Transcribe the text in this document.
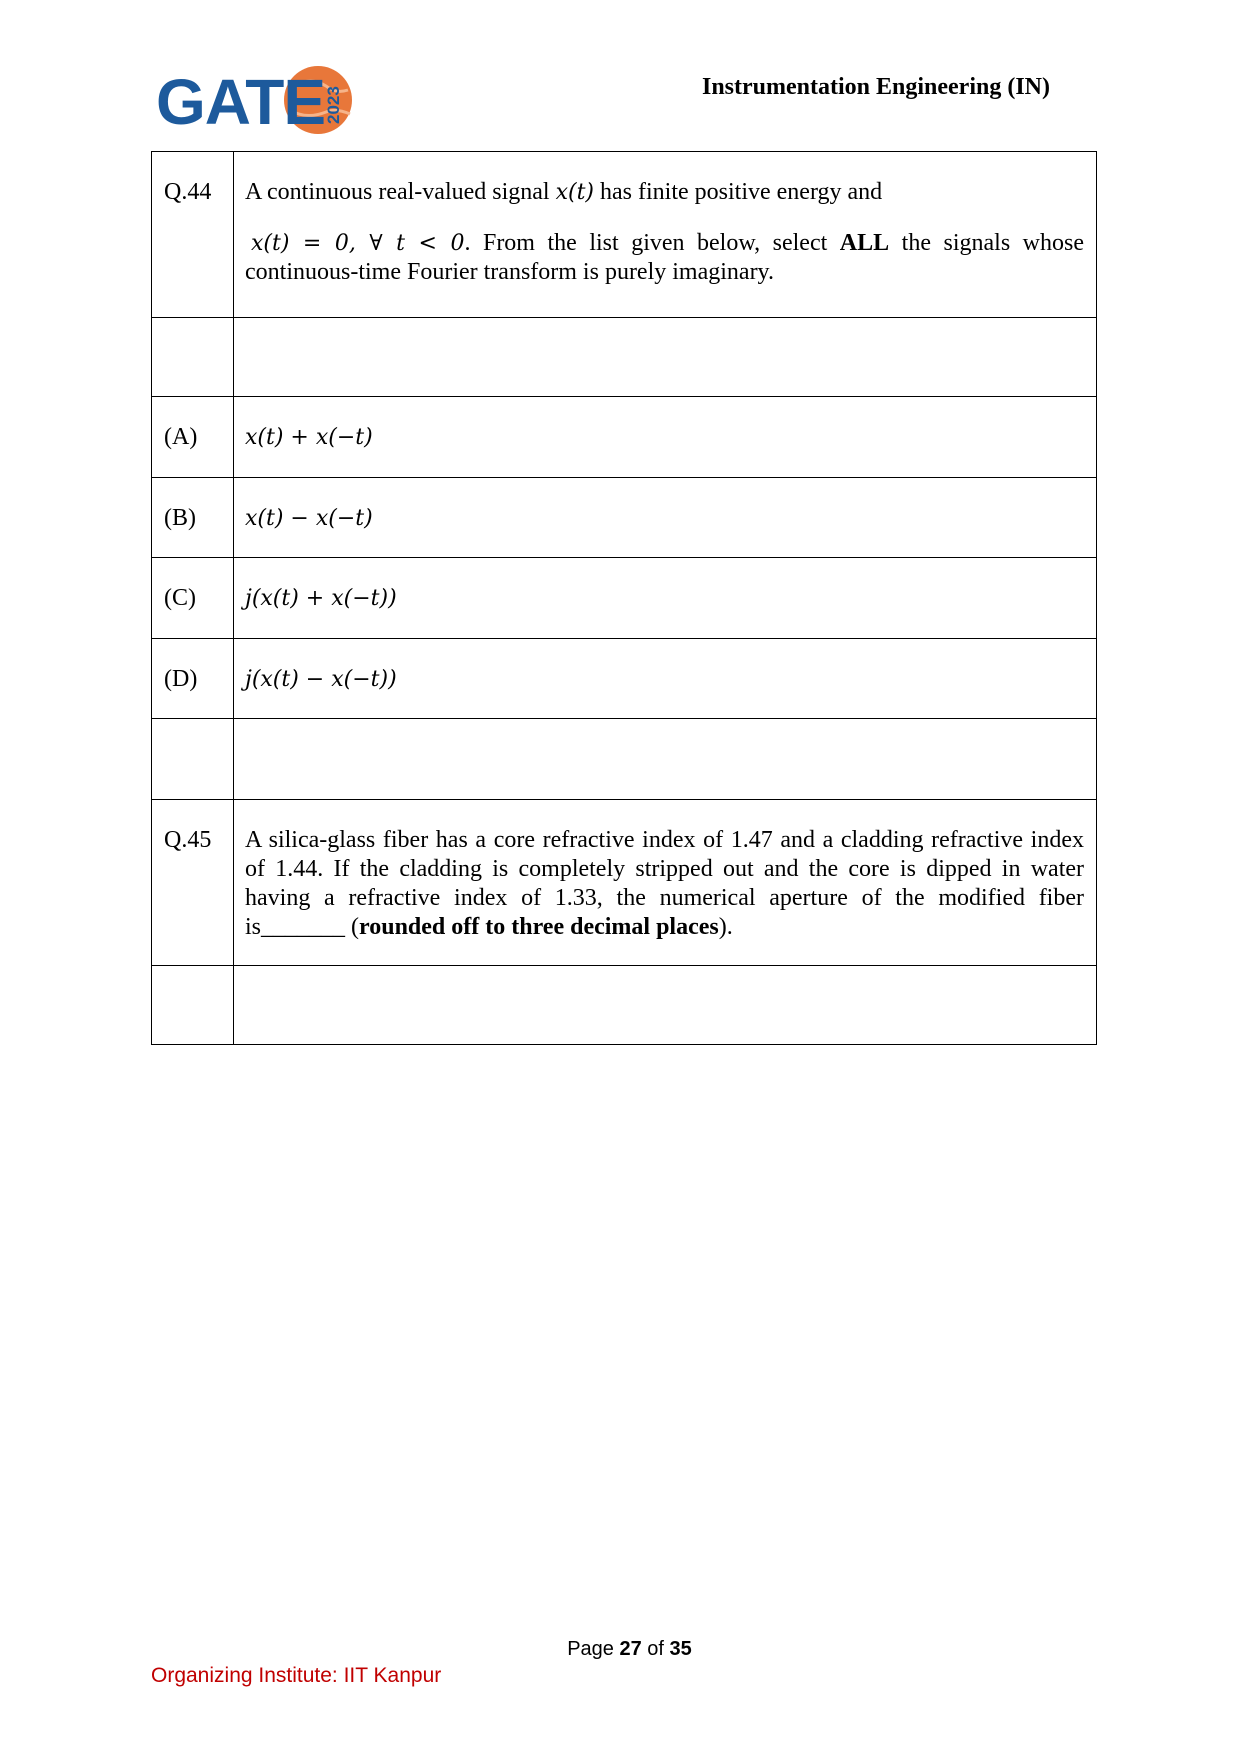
GATE
2023	Instrumentation Engineering (IN)
Q.44	A continuous real-valued signal x(t) has finite positive energy and
x(t) = 0, ∀ t < 0. From the list given below, select ALL the signals whose continuous-time Fourier transform is purely imaginary.

(A)	x(t) + x(−t)
(B)	x(t) − x(−t)
(C)	j(x(t) + x(−t))
(D)	j(x(t) − x(−t))

Q.45	A silica-glass fiber has a core refractive index of 1.47 and a cladding refractive index of 1.44. If the cladding is completely stripped out and the core is dipped in water having a refractive index of 1.33, the numerical aperture of the modified fiber is_______ (rounded off to three decimal places).

Page 27 of 35
Organizing Institute: IIT Kanpur
